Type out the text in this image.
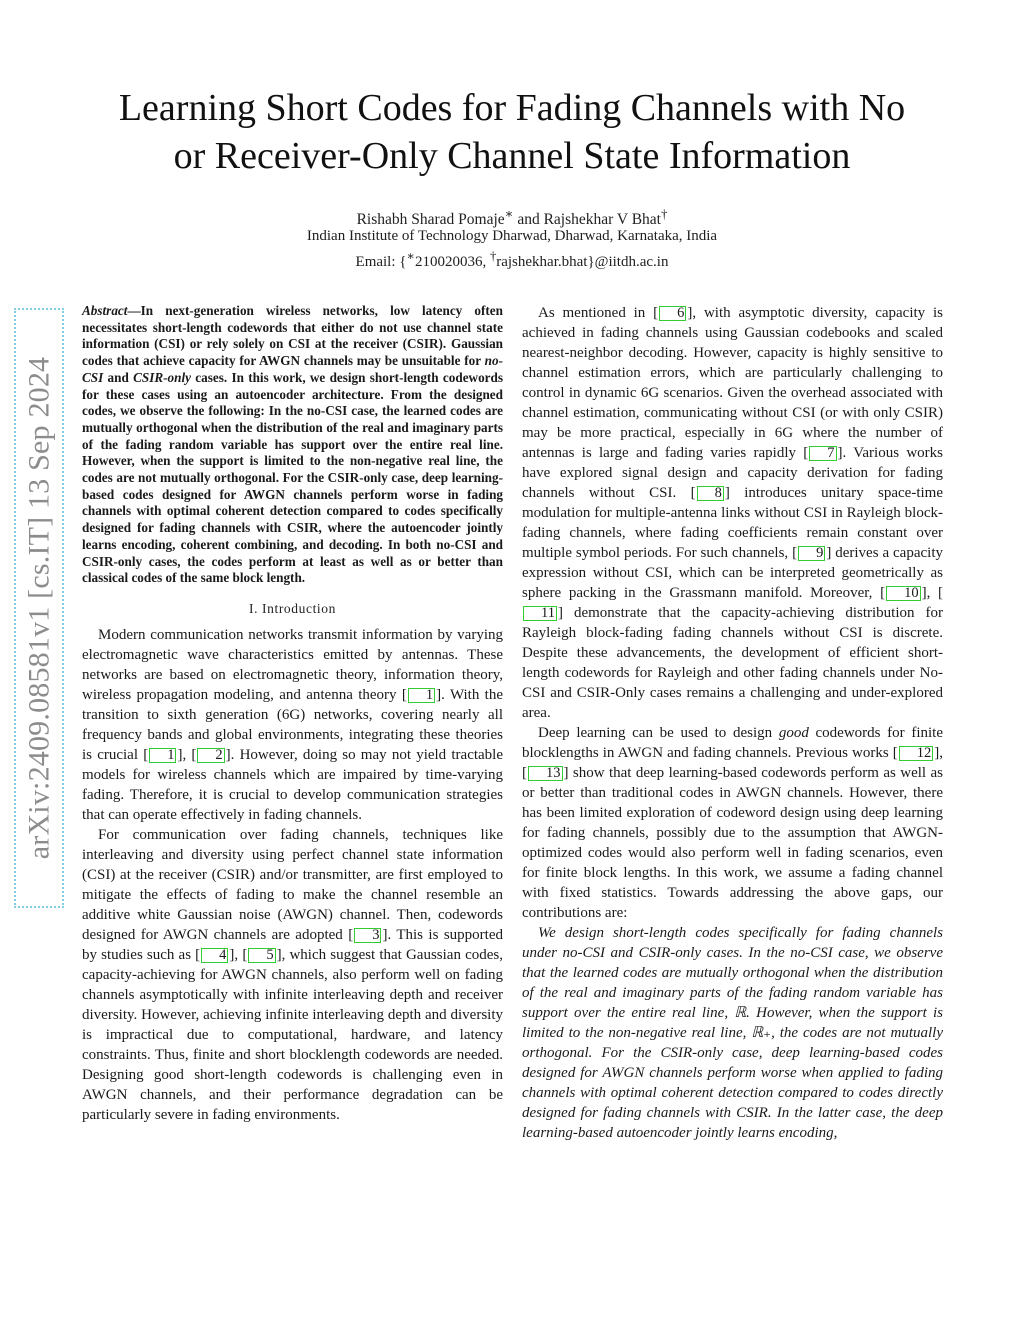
arXiv:2409.08581v1 [cs.IT] 13 Sep 2024
Learning Short Codes for Fading Channels with No
or Receiver-Only Channel State Information
Rishabh Sharad Pomaje∗ and Rajshekhar V Bhat†
Indian Institute of Technology Dharwad, Dharwad, Karnataka, India
Email: {∗210020036, †rajshekhar.bhat}@iitdh.ac.in

Abstract—In next-generation wireless networks, low latency often necessitates short-length codewords that either do not use channel state information (CSI) or rely solely on CSI at the receiver (CSIR). Gaussian codes that achieve capacity for AWGN channels may be unsuitable for no-CSI and CSIR-only cases. In this work, we design short-length codewords for these cases using an autoencoder architecture. From the designed codes, we observe the following: In the no-CSI case, the learned codes are mutually orthogonal when the distribution of the real and imaginary parts of the fading random variable has support over the entire real line. However, when the support is limited to the non-negative real line, the codes are not mutually orthogonal. For the CSIR-only case, deep learning-based codes designed for AWGN channels perform worse in fading channels with optimal coherent detection compared to codes specifically designed for fading channels with CSIR, where the autoencoder jointly learns encoding, coherent combining, and decoding. In both no-CSI and CSIR-only cases, the codes perform at least as well as or better than classical codes of the same block length.

I. Introduction

Modern communication networks transmit information by varying electromagnetic wave characteristics emitted by antennas. These networks are based on electromagnetic theory, information theory, wireless propagation modeling, and antenna theory [ 1 ]. With the transition to sixth generation (6G) networks, covering nearly all frequency bands and global environments, integrating these theories is crucial [ 1 ], [ 2 ]. However, doing so may not yield tractable models for wireless channels which are impaired by time-varying fading. Therefore, it is crucial to develop communication strategies that can operate effectively in fading channels.

For communication over fading channels, techniques like interleaving and diversity using perfect channel state information (CSI) at the receiver (CSIR) and/or transmitter, are first employed to mitigate the effects of fading to make the channel resemble an additive white Gaussian noise (AWGN) channel. Then, codewords designed for AWGN channels are adopted [ 3 ]. This is supported by studies such as [ 4 ], [ 5 ], which suggest that Gaussian codes, capacity-achieving for AWGN channels, also perform well on fading channels asymptotically with infinite interleaving depth and receiver diversity. However, achieving infinite interleaving depth and diversity is impractical due to computational, hardware, and latency constraints. Thus, finite and short blocklength codewords are needed. Designing good short-length codewords is challenging even in AWGN channels, and their performance degradation can be particularly severe in fading environments.

As mentioned in [ 6 ], with asymptotic diversity, capacity is achieved in fading channels using Gaussian codebooks and scaled nearest-neighbor decoding. However, capacity is highly sensitive to channel estimation errors, which are particularly challenging to control in dynamic 6G scenarios. Given the overhead associated with channel estimation, communicating without CSI (or with only CSIR) may be more practical, especially in 6G where the number of antennas is large and fading varies rapidly [ 7 ]. Various works have explored signal design and capacity derivation for fading channels without CSI. [ 8 ] introduces unitary space-time modulation for multiple-antenna links without CSI in Rayleigh block-fading channels, where fading coefficients remain constant over multiple symbol periods. For such channels, [ 9 ] derives a capacity expression without CSI, which can be interpreted geometrically as sphere packing in the Grassmann manifold. Moreover, [ 10 ], [11 ] demonstrate that the capacity-achieving distribution for Rayleigh block-fading fading channels without CSI is discrete. Despite these advancements, the development of efficient short-length codewords for Rayleigh and other fading channels under No-CSI and CSIR-Only cases remains a challenging and under-explored area.

Deep learning can be used to design good codewords for finite blocklengths in AWGN and fading channels. Previous works [ 12 ], [ 13 ] show that deep learning-based codewords perform as well as or better than traditional codes in AWGN channels. However, there has been limited exploration of codeword design using deep learning for fading channels, possibly due to the assumption that AWGN-optimized codes would also perform well in fading scenarios, even for finite block lengths. In this work, we assume a fading channel with fixed statistics. Towards addressing the above gaps, our contributions are:

We design short-length codes specifically for fading channels under no-CSI and CSIR-only cases. In the no-CSI case, we observe that the learned codes are mutually orthogonal when the distribution of the real and imaginary parts of the fading random variable has support over the entire real line, ℝ. However, when the support is limited to the non-negative real line, ℝ₊, the codes are not mutually orthogonal. For the CSIR-only case, deep learning-based codes designed for AWGN channels perform worse when applied to fading channels with optimal coherent detection compared to codes directly designed for fading channels with CSIR. In the latter case, the deep learning-based autoencoder jointly learns encoding,
